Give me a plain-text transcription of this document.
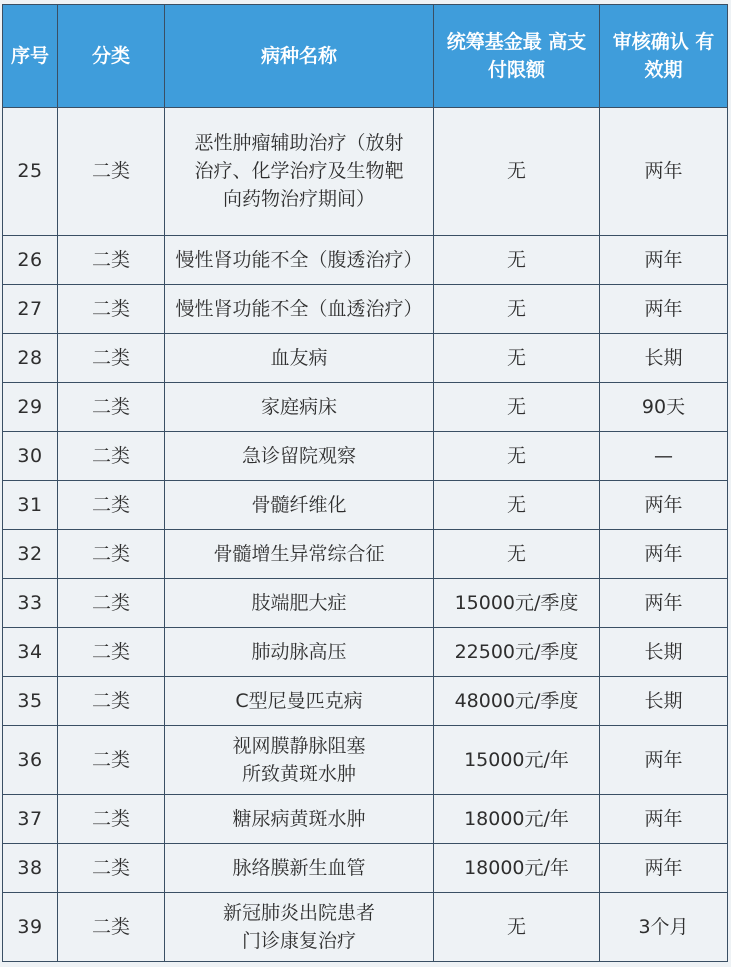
序号	分类	病种名称	统筹基金最 高支付限额	审核确认 有效期
25	二类	恶性肿瘤辅助治疗（放射
治疗、化学治疗及生物靶
向药物治疗期间）	无	两年
26	二类	慢性肾功能不全（腹透治疗）	无	两年
27	二类	慢性肾功能不全（血透治疗）	无	两年
28	二类	血友病	无	长期
29	二类	家庭病床	无	90天
30	二类	急诊留院观察	无	—
31	二类	骨髓纤维化	无	两年
32	二类	骨髓增生异常综合征	无	两年
33	二类	肢端肥大症	15000元/季度	两年
34	二类	肺动脉高压	22500元/季度	长期
35	二类	C型尼曼匹克病	48000元/季度	长期
36	二类	视网膜静脉阻塞
所致黄斑水肿	15000元/年	两年
37	二类	糖尿病黄斑水肿	18000元/年	两年
38	二类	脉络膜新生血管	18000元/年	两年
39	二类	新冠肺炎出院患者
门诊康复治疗	无	3个月
